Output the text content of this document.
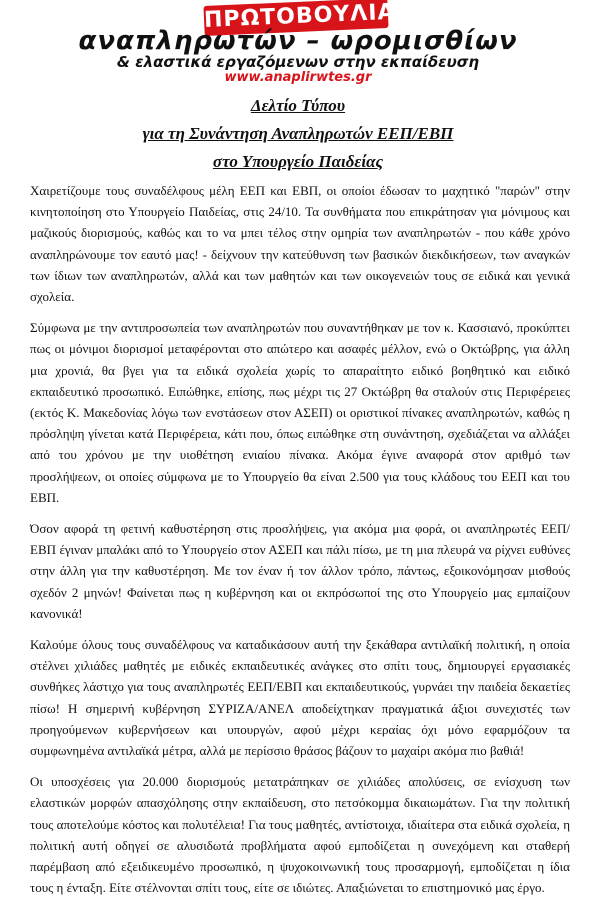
ΠΡΩΤΟΒΟΥΛΙΑ
αναπληρωτών – ωρομισθίων
& ελαστικά εργαζόμενων στην εκπαίδευση
www.anaplirwtes.gr

Δελτίο Τύπου

για τη Συνάντηση Αναπληρωτών ΕΕΠ/ΕΒΠ

στο Υπουργείο Παιδείας

Χαιρετίζουμε τους συναδέλφους μέλη ΕΕΠ και ΕΒΠ, οι οποίοι έδωσαν το μαχητικό "παρών" στην κινητοποίηση στο Υπουργείο Παιδείας, στις 24/10. Τα συνθήματα που επικράτησαν για μόνιμους και μαζικούς διορισμούς, καθώς και το να μπει τέλος στην ομηρία των αναπληρωτών - που κάθε χρόνο αναπληρώνουμε τον εαυτό μας! - δείχνουν την κατεύθυνση των βασικών διεκδικήσεων, των αναγκών των ίδιων των αναπληρωτών, αλλά και των μαθητών και των οικογενειών τους σε ειδικά και γενικά σχολεία.

Σύμφωνα με την αντιπροσωπεία των αναπληρωτών που συναντήθηκαν με τον κ. Κασσιανό, προκύπτει πως οι μόνιμοι διορισμοί μεταφέρονται στο απώτερο και ασαφές μέλλον, ενώ ο Οκτώβρης, για άλλη μια χρονιά, θα βγει για τα ειδικά σχολεία χωρίς το απαραίτητο ειδικό βοηθητικό και ειδικό εκπαιδευτικό προσωπικό. Ειπώθηκε, επίσης, πως μέχρι τις 27 Οκτώβρη θα σταλούν στις Περιφέρειες (εκτός Κ. Μακεδονίας λόγω των ενστάσεων στον ΑΣΕΠ) οι οριστικοί πίνακες αναπληρωτών, καθώς η πρόσληψη γίνεται κατά Περιφέρεια, κάτι που, όπως ειπώθηκε στη συνάντηση, σχεδιάζεται να αλλάξει από του χρόνου με την υιοθέτηση ενιαίου πίνακα. Ακόμα έγινε αναφορά στον αριθμό των προσλήψεων, οι οποίες σύμφωνα με το Υπουργείο θα είναι 2.500 για τους κλάδους του ΕΕΠ και του ΕΒΠ.

Όσον αφορά τη φετινή καθυστέρηση στις προσλήψεις, για ακόμα μια φορά, οι αναπληρωτές ΕΕΠ/ΕΒΠ έγιναν μπαλάκι από το Υπουργείο στον ΑΣΕΠ και πάλι πίσω, με τη μια πλευρά να ρίχνει ευθύνες στην άλλη για την καθυστέρηση. Με τον έναν ή τον άλλον τρόπο, πάντως, εξοικονόμησαν μισθούς σχεδόν 2 μηνών! Φαίνεται πως η κυβέρνηση και οι εκπρόσωποί της στο Υπουργείο μας εμπαίζουν κανονικά!

Καλούμε όλους τους συναδέλφους να καταδικάσουν αυτή την ξεκάθαρα αντιλαϊκή πολιτική, η οποία στέλνει χιλιάδες μαθητές με ειδικές εκπαιδευτικές ανάγκες στο σπίτι τους, δημιουργεί εργασιακές συνθήκες λάστιχο για τους αναπληρωτές ΕΕΠ/ΕΒΠ και εκπαιδευτικούς, γυρνάει την παιδεία δεκαετίες πίσω! Η σημερινή κυβέρνηση ΣΥΡΙΖΑ/ΑΝΕΛ αποδείχτηκαν πραγματικά άξιοι συνεχιστές των προηγούμενων κυβερνήσεων και υπουργών, αφού μέχρι κεραίας όχι μόνο εφαρμόζουν τα συμφωνημένα αντιλαϊκά μέτρα, αλλά με περίσσιο θράσος βάζουν το μαχαίρι ακόμα πιο βαθιά!

Οι υποσχέσεις για 20.000 διορισμούς μετατράπηκαν σε χιλιάδες απολύσεις, σε ενίσχυση των ελαστικών μορφών απασχόλησης στην εκπαίδευση, στο πετσόκομμα δικαιωμάτων. Για την πολιτική τους αποτελούμε κόστος και πολυτέλεια! Για τους μαθητές, αντίστοιχα, ιδιαίτερα στα ειδικά σχολεία, η πολιτική αυτή οδηγεί σε αλυσιδωτά προβλήματα αφού εμποδίζεται η συνεχόμενη και σταθερή παρέμβαση από εξειδικευμένο προσωπικό, η ψυχοκοινωνική τους προσαρμογή, εμποδίζεται η ίδια τους η ένταξη. Είτε στέλνονται σπίτι τους, είτε σε ιδιώτες. Απαξιώνεται το επιστημονικό μας έργο.
